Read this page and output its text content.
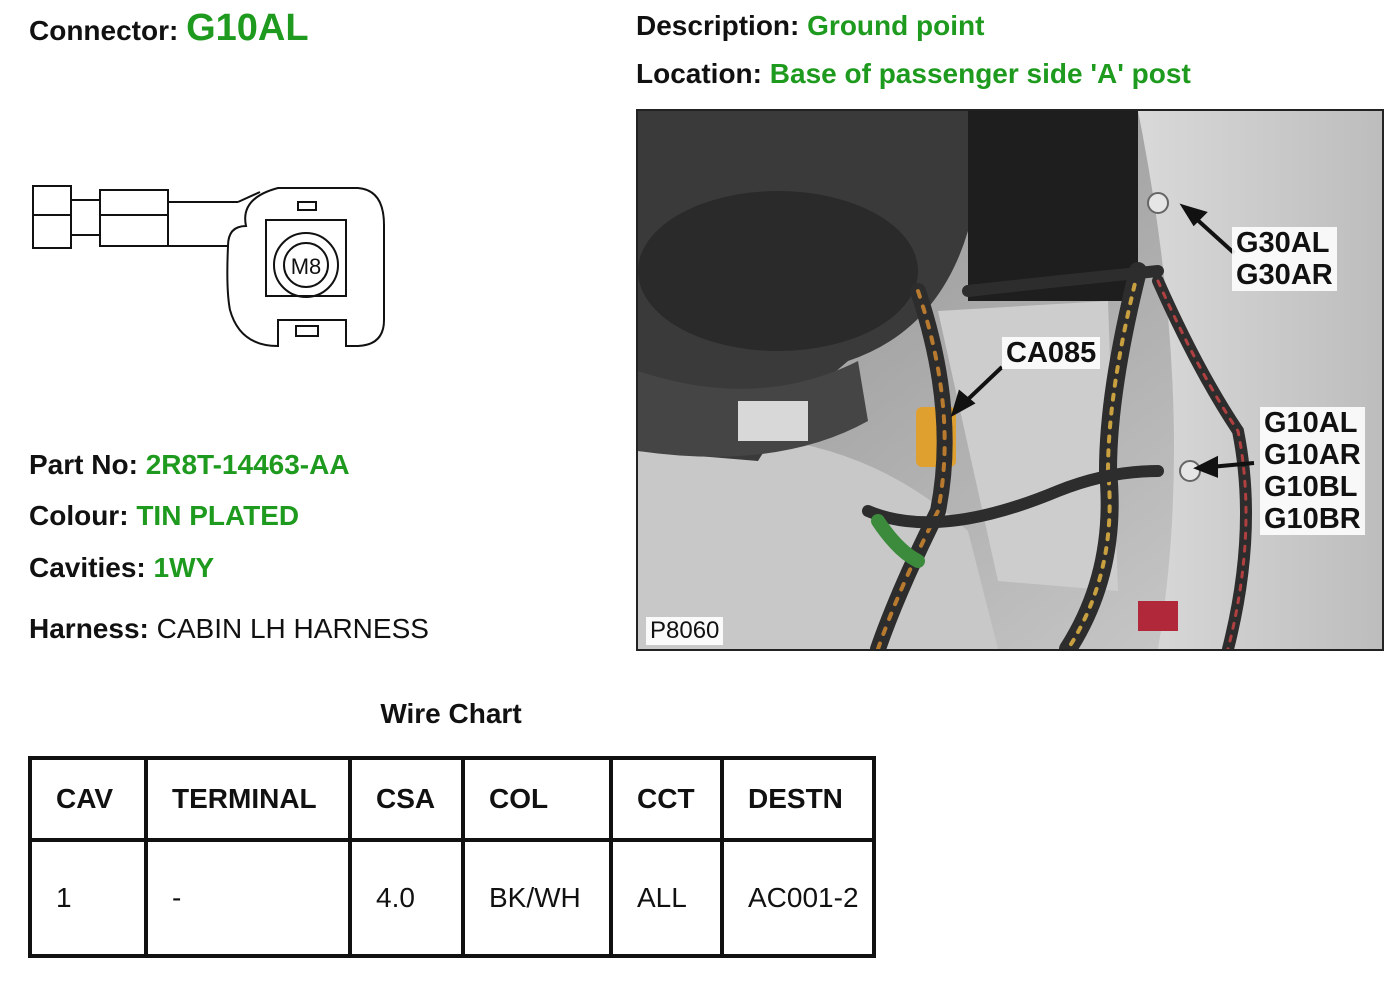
Connector: G10AL	Description: Ground point
Location: Base of passenger side 'A' post
M8
Part No: 2R8T-14463-AA
Colour: TIN PLATED
Cavities: 1WY
Harness: CABIN LH HARNESS
G30AL
G30AR
CA085
G10AL
G10AR
G10BL
G10BR
P8060
Wire Chart
CAV	TERMINAL	CSA	COL	CCT	DESTN
1	-	4.0	BK/WH	ALL	AC001-2
